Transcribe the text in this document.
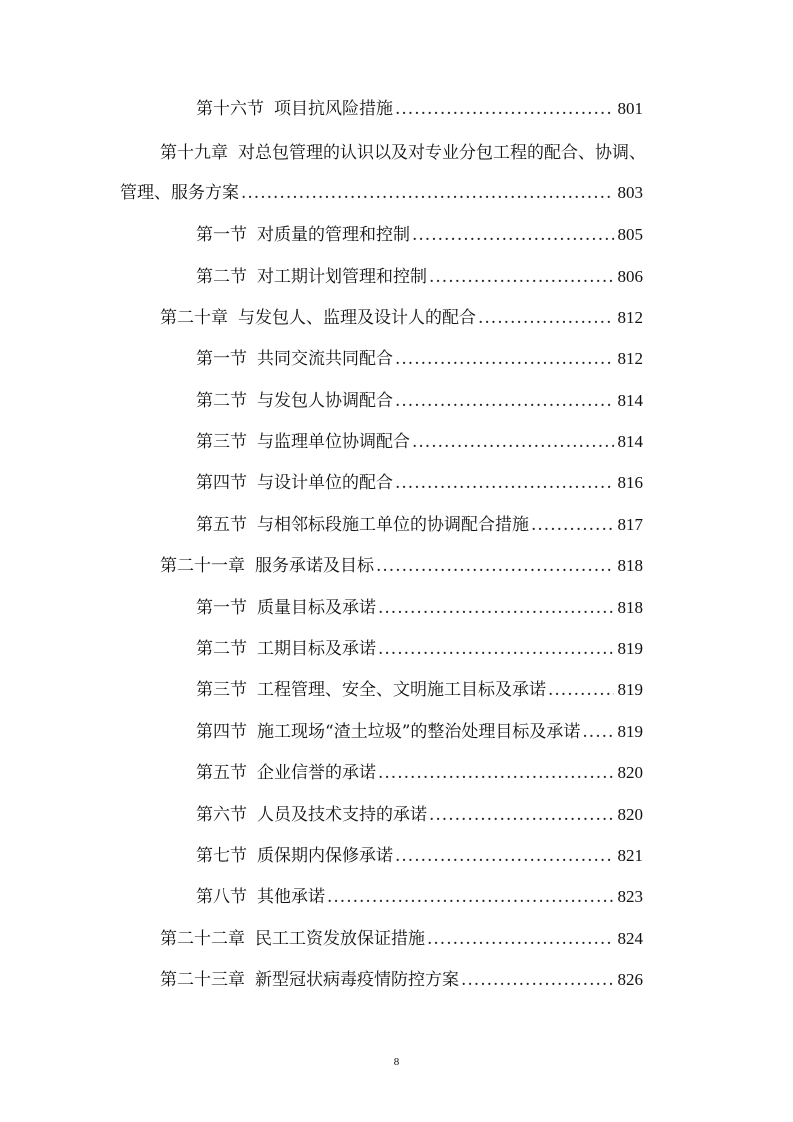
第十六节 项目抗风险措施 .....	801
第十九章 对总包管理的认识以及对专业分包工程的配合、协调、
管理、服务方案 .....	803
第一节 对质量的管理和控制 .....	805
第二节 对工期计划管理和控制 .....	806
第二十章 与发包人、监理及设计人的配合 .....	812
第一节 共同交流共同配合 .....	812
第二节 与发包人协调配合 .....	814
第三节 与监理单位协调配合 .....	814
第四节 与设计单位的配合 .....	816
第五节 与相邻标段施工单位的协调配合措施 .....	817
第二十一章 服务承诺及目标 .....	818
第一节 质量目标及承诺 .....	818
第二节 工期目标及承诺 .....	819
第三节 工程管理、安全、文明施工目标及承诺 .....	819
第四节 施工现场“渣土垃圾”的整治处理目标及承诺 ..... 819
第五节 企业信誉的承诺 .....	820
第六节 人员及技术支持的承诺 .....	820
第七节 质保期内保修承诺 .....	821
第八节 其他承诺 .....	823
第二十二章 民工工资发放保证措施 .....	824
第二十三章 新型冠状病毒疫情防控方案 .....	826
8
